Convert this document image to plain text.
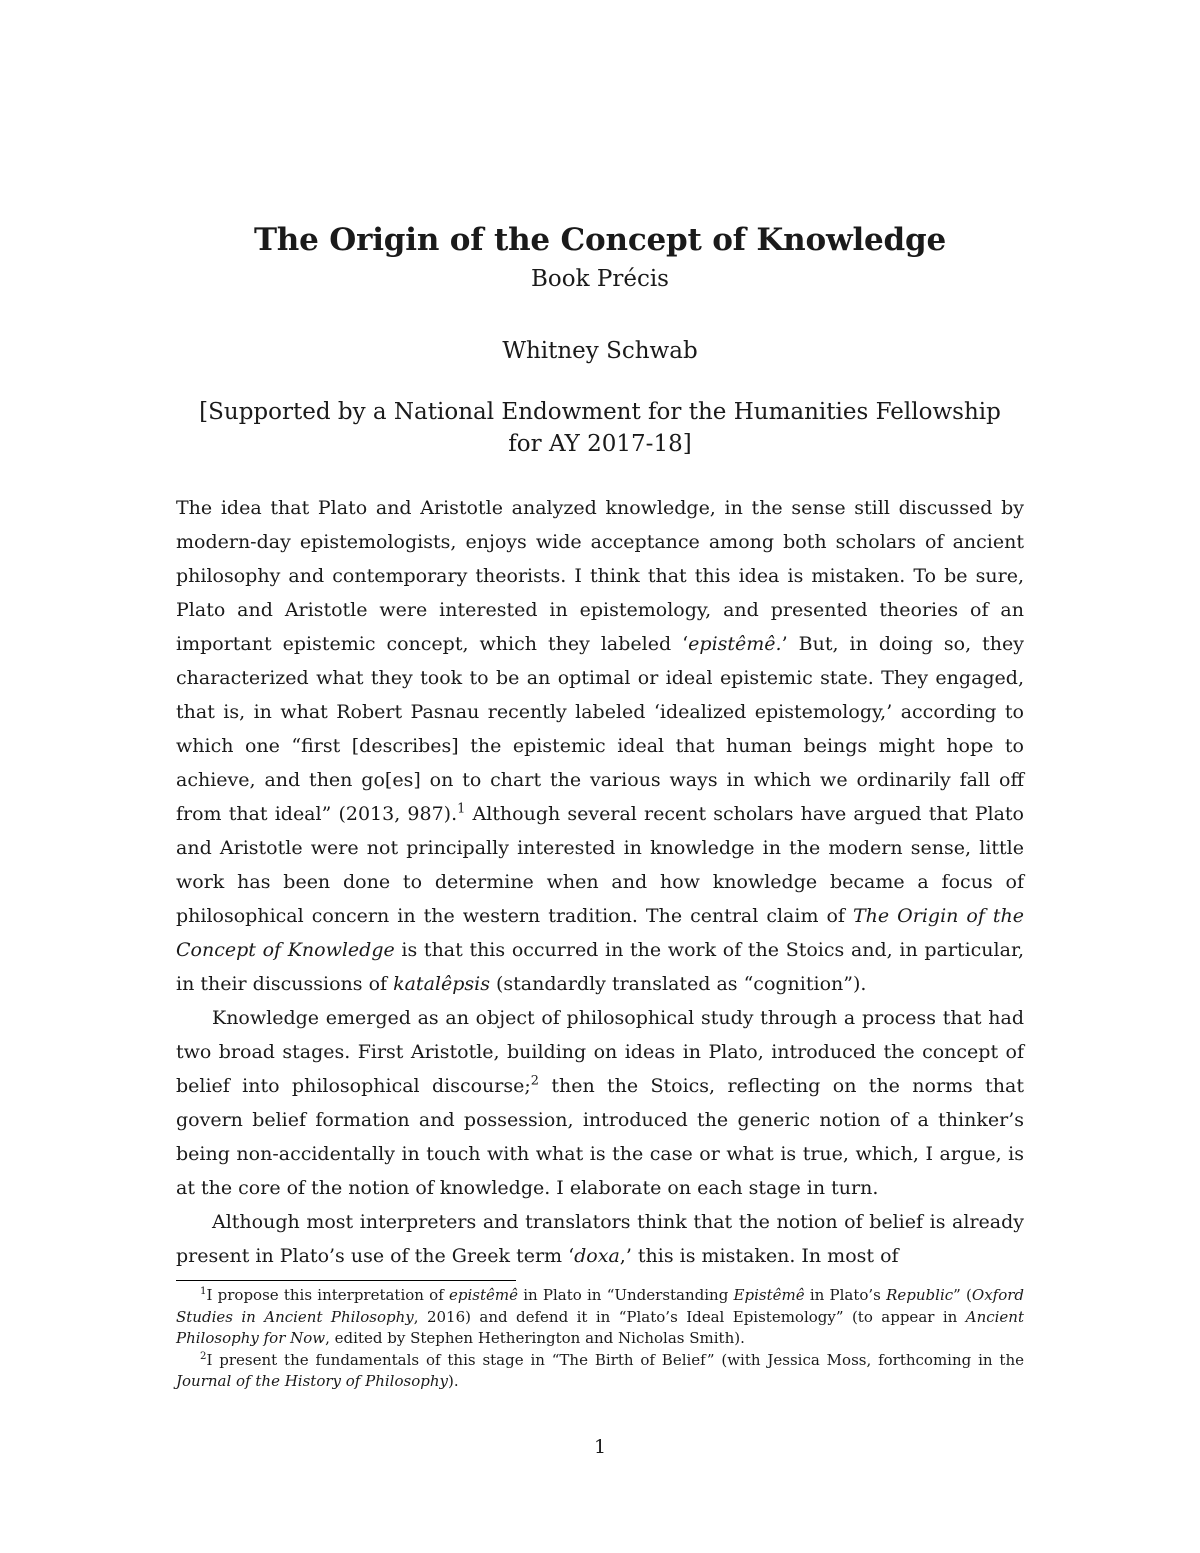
The Origin of the Concept of Knowledge
Book Précis
Whitney Schwab
[Supported by a National Endowment for the Humanities Fellowship
for AY 2017-18]

The idea that Plato and Aristotle analyzed knowledge, in the sense still discussed by modern-day epistemologists, enjoys wide acceptance among both scholars of ancient philosophy and contemporary theorists. I think that this idea is mistaken. To be sure, Plato and Aristotle were interested in epistemology, and presented theories of an important epistemic concept, which they labeled ‘epistêmê.’ But, in doing so, they characterized what they took to be an optimal or ideal epistemic state. They engaged, that is, in what Robert Pasnau recently labeled ‘idealized epistemology,’ according to which one “first [describes] the epistemic ideal that human beings might hope to achieve, and then go[es] on to chart the various ways in which we ordinarily fall off from that ideal” (2013, 987).$^1$ Although several recent scholars have argued that Plato and Aristotle were not principally interested in knowledge in the modern sense, little work has been done to determine when and how knowledge became a focus of philosophical concern in the western tradition. The central claim of The Origin of the Concept of Knowledge is that this occurred in the work of the Stoics and, in particular, in their discussions of katalêpsis (standardly translated as “cognition”).

Knowledge emerged as an object of philosophical study through a process that had two broad stages. First Aristotle, building on ideas in Plato, introduced the concept of belief into philosophical discourse;$^2$ then the Stoics, reflecting on the norms that govern belief formation and possession, introduced the generic notion of a thinker’s being non-accidentally in touch with what is the case or what is true, which, I argue, is at the core of the notion of knowledge. I elaborate on each stage in turn.

Although most interpreters and translators think that the notion of belief is already present in Plato’s use of the Greek term ‘doxa,’ this is mistaken. In most of

$^1$I propose this interpretation of epistêmê in Plato in “Understanding Epistêmê in Plato’s Republic” (Oxford Studies in Ancient Philosophy, 2016) and defend it in “Plato’s Ideal Epistemology” (to appear in Ancient Philosophy for Now, edited by Stephen Hetherington and Nicholas Smith).

$^2$I present the fundamentals of this stage in “The Birth of Belief” (with Jessica Moss, forthcoming in the Journal of the History of Philosophy).

1
